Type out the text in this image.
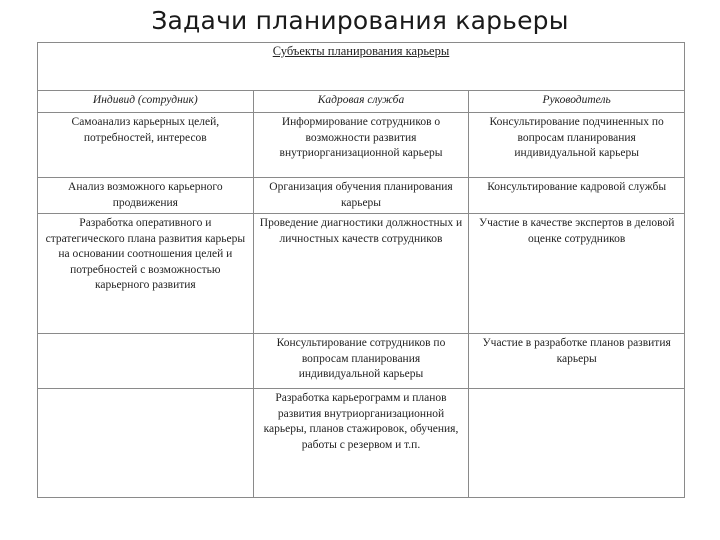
Задачи планирования карьеры
Субъекты планирования карьеры		
Индивид (сотрудник)	Кадровая служба	Руководитель
Самоанализ карьерных целей, потребностей, интересов	Информирование сотрудников о возможности развития внутриорганизационной карьеры	Консультирование подчиненных по вопросам планирования индивидуальной карьеры
Анализ возможного карьерного продвижения	Организация обучения планирования карьеры	Консультирование кадровой службы
Разработка оперативного и стратегического плана развития карьеры на основании соотношения целей и потребностей с возможностью карьерного развития	Проведение диагностики должностных и личностных качеств сотрудников	Участие в качестве экспертов в деловой оценке сотрудников
	Консультирование сотрудников по вопросам планирования индивидуальной карьеры	Участие в разработке планов развития карьеры
	Разработка карьерограмм и планов развития внутриорганизационной карьеры, планов стажировок, обучения, работы с резервом и т.п.	
